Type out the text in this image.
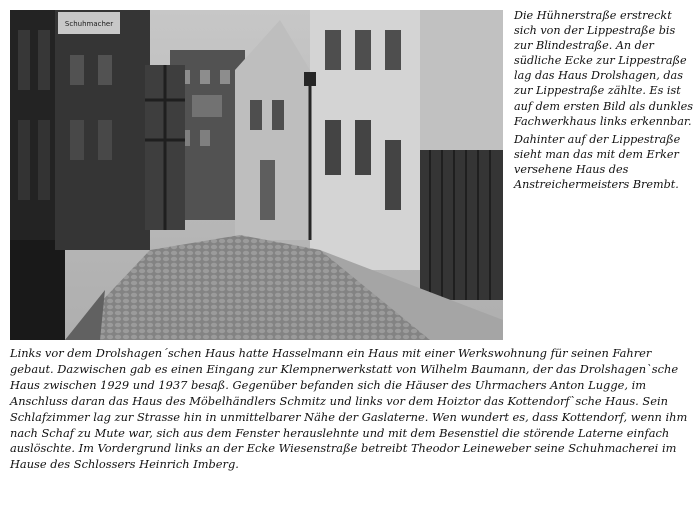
Schuhmacher

Die Hühnerstraße erstreckt sich von der Lippestraße bis zur Blindestraße. An der südliche Ecke zur Lippestraße lag das Haus Drolshagen, das zur Lippestraße zählte. Es ist auf dem ersten Bild als dunkles Fachwerkhaus links erkennbar.

Dahinter auf der Lippestraße sieht man das mit dem Erker versehene Haus des Anstreichermeisters Brembt.

Links vor dem Drolshagen´schen Haus hatte Hasselmann ein Haus mit einer Werkswohnung für seinen Fahrer gebaut. Dazwischen gab es einen Eingang zur Klempnerwerkstatt von Wilhelm Baumann, der das Drolshagen`sche Haus zwischen 1929 und 1937 besaß. Gegenüber befanden sich die Häuser des Uhrmachers Anton Lugge, im Anschluss daran das Haus des Möbelhändlers Schmitz und links vor dem Hoiztor das Kottendorf`sche Haus. Sein Schlafzimmer lag zur Strasse hin in unmittelbarer Nähe der Gaslaterne. Wen wundert es, dass Kottendorf, wenn ihm nach Schaf zu Mute war, sich aus dem Fenster herauslehnte und mit dem Besenstiel die störende Laterne einfach auslöschte. Im Vordergrund links an der Ecke Wiesenstraße betreibt Theodor Leineweber seine Schuhmacherei im Hause des Schlossers Heinrich Imberg.
